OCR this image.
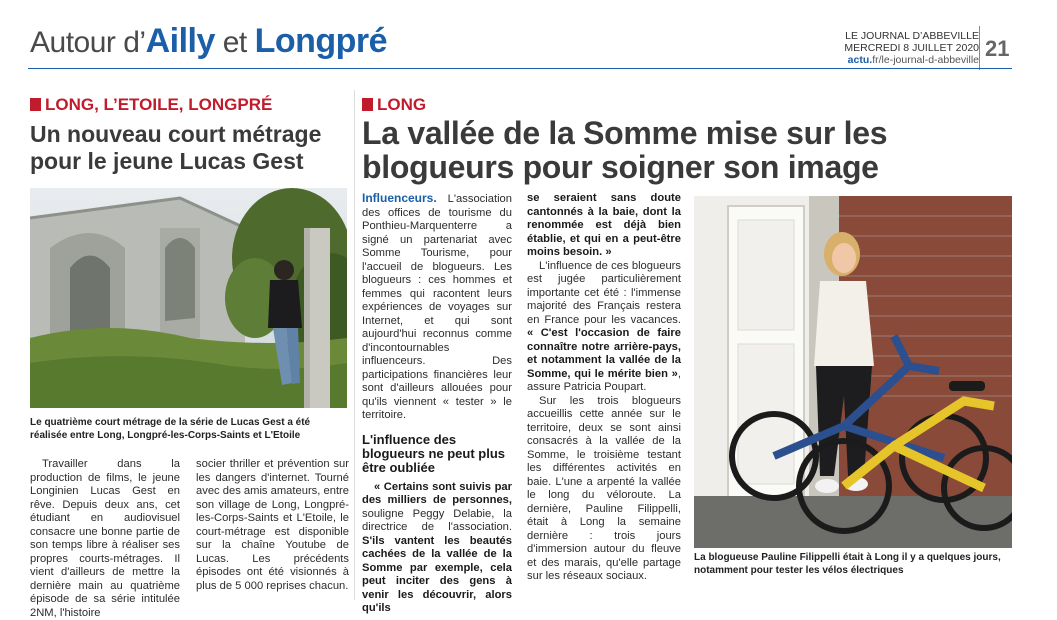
Autour d’Ailly et Longpré	LE JOURNAL D’ABBEVILLE
MERCREDI 8 JUILLET 2020
actu.fr/le-journal-d-abbeville 21
LONG, L’ETOILE, LONGPRÉ
Un nouveau court métrage pour le jeune Lucas Gest
Le quatrième court métrage de la série de Lucas Gest a été réalisée entre Long, Longpré-les-Corps-Saints et L'Etoile

Travailler dans la production de films, le jeune Longinien Lucas Gest en rêve. Depuis deux ans, cet étudiant en audiovisuel consacre une bonne partie de son temps libre à réaliser ses propres courts-métrages. Il vient d'ailleurs de mettre la dernière main au quatrième épisode de sa série intitulée 2NM, l'histoire

socier thriller et prévention sur les dangers d'internet. Tourné avec des amis amateurs, entre son village de Long, Longpré-les-Corps-Saints et L'Etoile, le court-métrage est disponible sur la chaîne Youtube de Lucas. Les précédents épisodes ont été visionnés à plus de 5 000 reprises chacun.

LONG
La vallée de la Somme mise sur les blogueurs pour soigner son image

Influenceurs. L'association des offices de tourisme du Ponthieu-Marquenterre a signé un partenariat avec Somme Tourisme, pour l'accueil de blogueurs. Les blogueurs : ces hommes et femmes qui racontent leurs expériences de voyages sur Internet, et qui sont aujourd'hui reconnus comme d'incontournables influenceurs. Des participations financières leur sont d'ailleurs allouées pour qu'ils viennent « tester » le territoire.

L'influence des blogueurs ne peut plus être oubliée

« Certains sont suivis par des milliers de personnes, souligne Peggy Delabie, la directrice de l'association. S'ils vantent les beautés cachées de la vallée de la Somme par exemple, cela peut inciter des gens à venir les découvrir, alors qu'ils

se seraient sans doute cantonnés à la baie, dont la renommée est déjà bien établie, et qui en a peut-être moins besoin. »

L'influence de ces blogueurs est jugée particulièrement importante cet été : l'immense majorité des Français restera en France pour les vacances. « C'est l'occasion de faire connaître notre arrière-pays, et notamment la vallée de la Somme, qui le mérite bien », assure Patricia Poupart.

Sur les trois blogueurs accueillis cette année sur le territoire, deux se sont ainsi consacrés à la vallée de la Somme, le troisième testant les différentes activités en baie. L'une a arpenté la vallée le long du véloroute. La dernière, Pauline Filippelli, était à Long la semaine dernière : trois jours d'immersion autour du fleuve et des marais, qu'elle partage sur les réseaux sociaux.

La blogueuse Pauline Filippelli était à Long il y a quelques jours, notamment pour tester les vélos électriques
